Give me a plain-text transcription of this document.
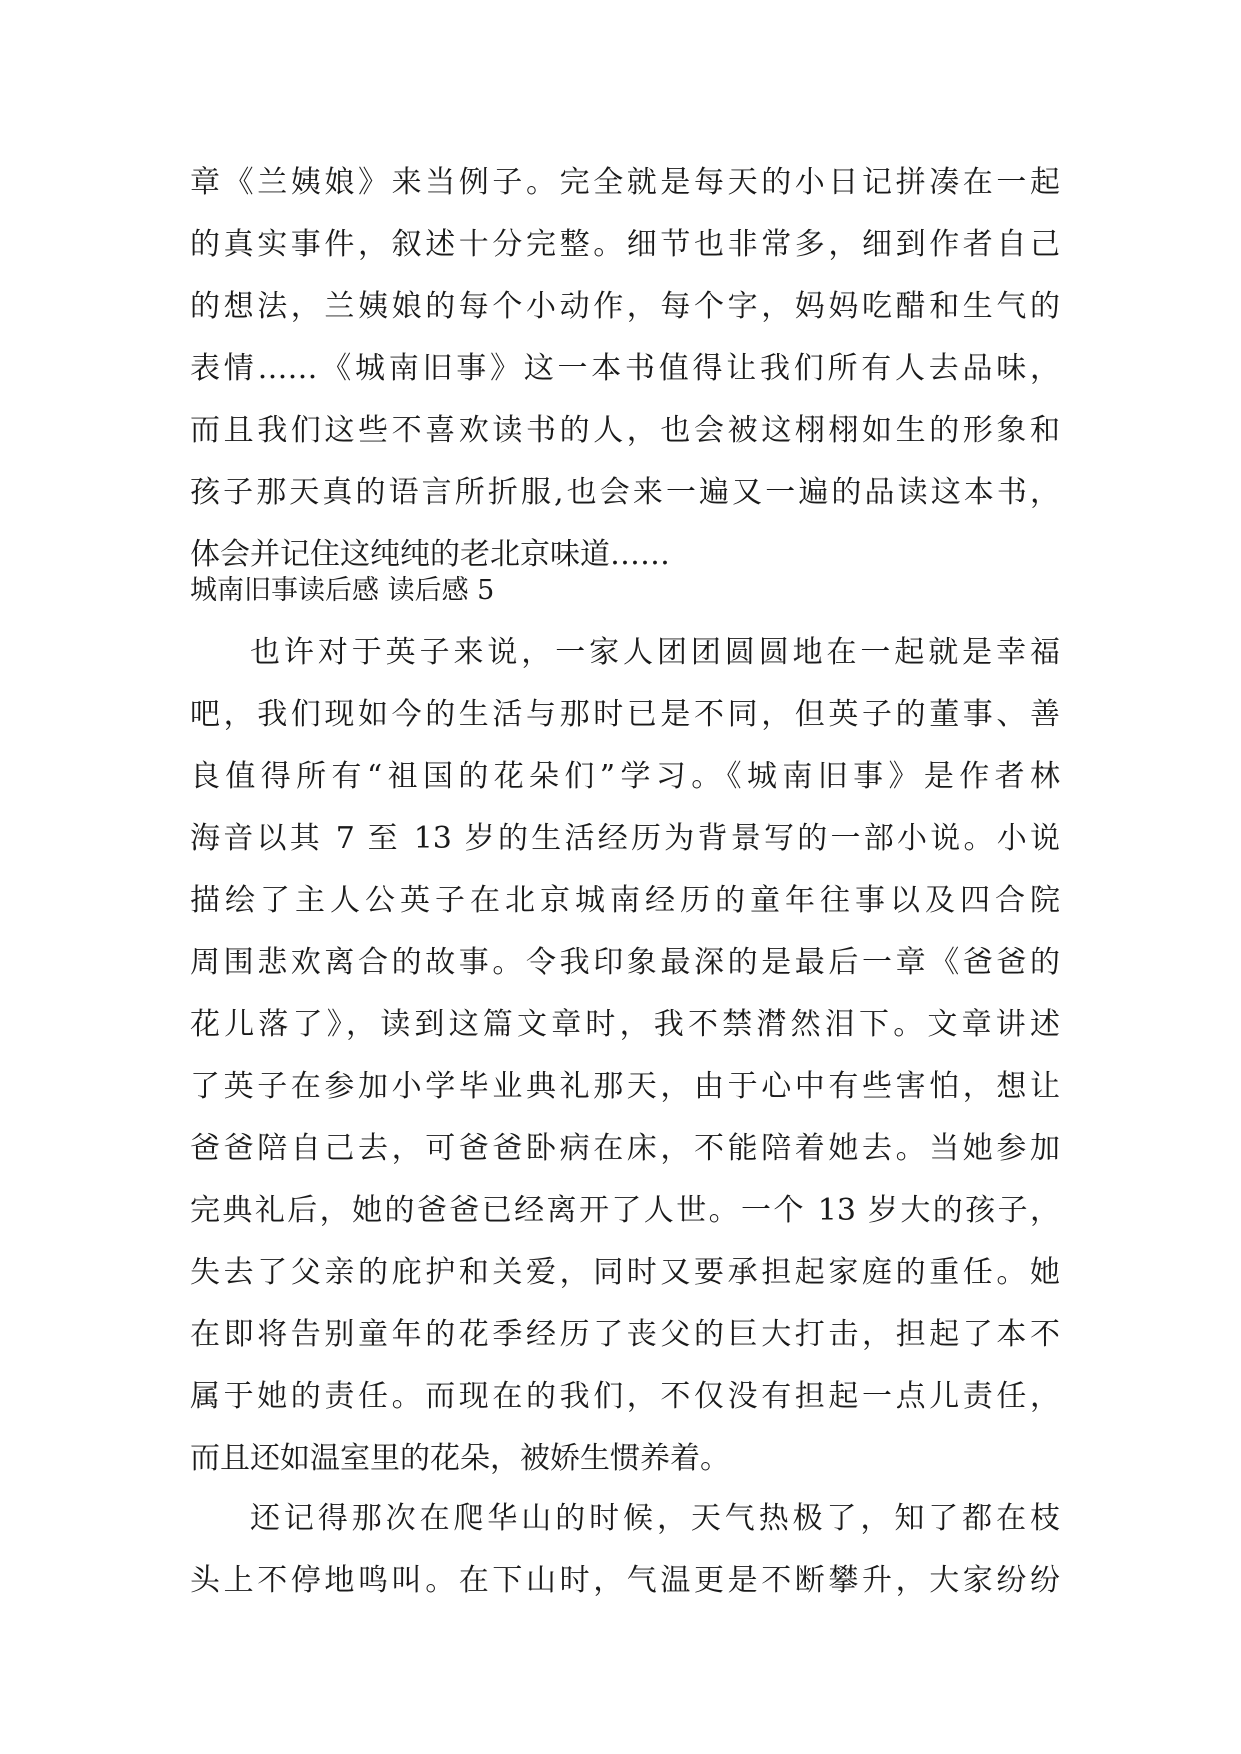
章《兰姨娘》来当例子。完全就是每天的小日记拼凑在一起
的真实事件，叙述十分完整。细节也非常多，细到作者自己
的想法，兰姨娘的每个小动作，每个字，妈妈吃醋和生气的
表情……《城南旧事》这一本书值得让我们所有人去品味，
而且我们这些不喜欢读书的人，也会被这栩栩如生的形象和
孩子那天真的语言所折服,也会来一遍又一遍的品读这本书，
体会并记住这纯纯的老北京味道……
城南旧事读后感 读后感 5
也许对于英子来说，一家人团团圆圆地在一起就是幸福
吧，我们现如今的生活与那时已是不同，但英子的董事、善
良值得所有“祖国的花朵们”学习。《城南旧事》是作者林
海音以其 7 至 13 岁的生活经历为背景写的一部小说。小说
描绘了主人公英子在北京城南经历的童年往事以及四合院
周围悲欢离合的故事。令我印象最深的是最后一章《爸爸的
花儿落了》，读到这篇文章时，我不禁潸然泪下。文章讲述
了英子在参加小学毕业典礼那天，由于心中有些害怕，想让
爸爸陪自己去，可爸爸卧病在床，不能陪着她去。当她参加
完典礼后，她的爸爸已经离开了人世。一个 13 岁大的孩子，
失去了父亲的庇护和关爱，同时又要承担起家庭的重任。她
在即将告别童年的花季经历了丧父的巨大打击，担起了本不
属于她的责任。而现在的我们，不仅没有担起一点儿责任，
而且还如温室里的花朵，被娇生惯养着。
还记得那次在爬华山的时候，天气热极了，知了都在枝
头上不停地鸣叫。在下山时，气温更是不断攀升，大家纷纷
